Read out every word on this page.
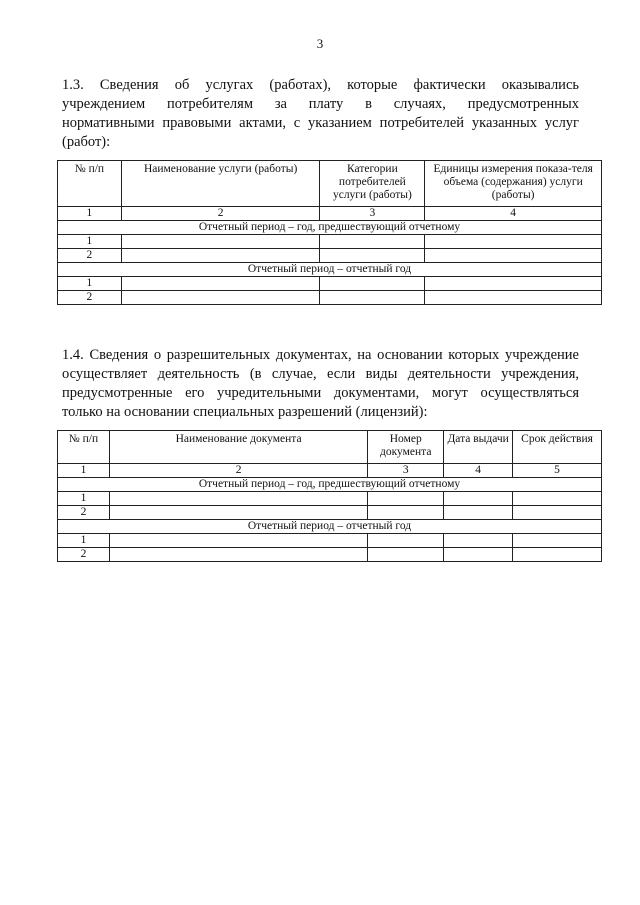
3
1.3. Сведения об услугах (работах), которые фактически оказывались
учреждением потребителям за плату в случаях, предусмотренных
нормативными правовыми актами, с указанием потребителей указанных услуг
(работ):
№ п/п	Наименование услуги (работы)	Категории потребителей услуги (работы)	Единицы измерения показа-теля объема (содержания) услуги (работы)
1	2	3	4
Отчетный период – год, предшествующий отчетному			
1			
2			
Отчетный период – отчетный год			
1			
2			
1.4. Сведения о разрешительных документах, на основании которых учреждение
осуществляет деятельность (в случае, если виды деятельности учреждения,
предусмотренные его учредительными документами, могут осуществляться
только на основании специальных разрешений (лицензий):
№ п/п	Наименование документа	Номер документа	Дата выдачи	Срок действия
1	2	3	4	5
Отчетный период – год, предшествующий отчетному				
1				
2				
Отчетный период – отчетный год				
1				
2				
